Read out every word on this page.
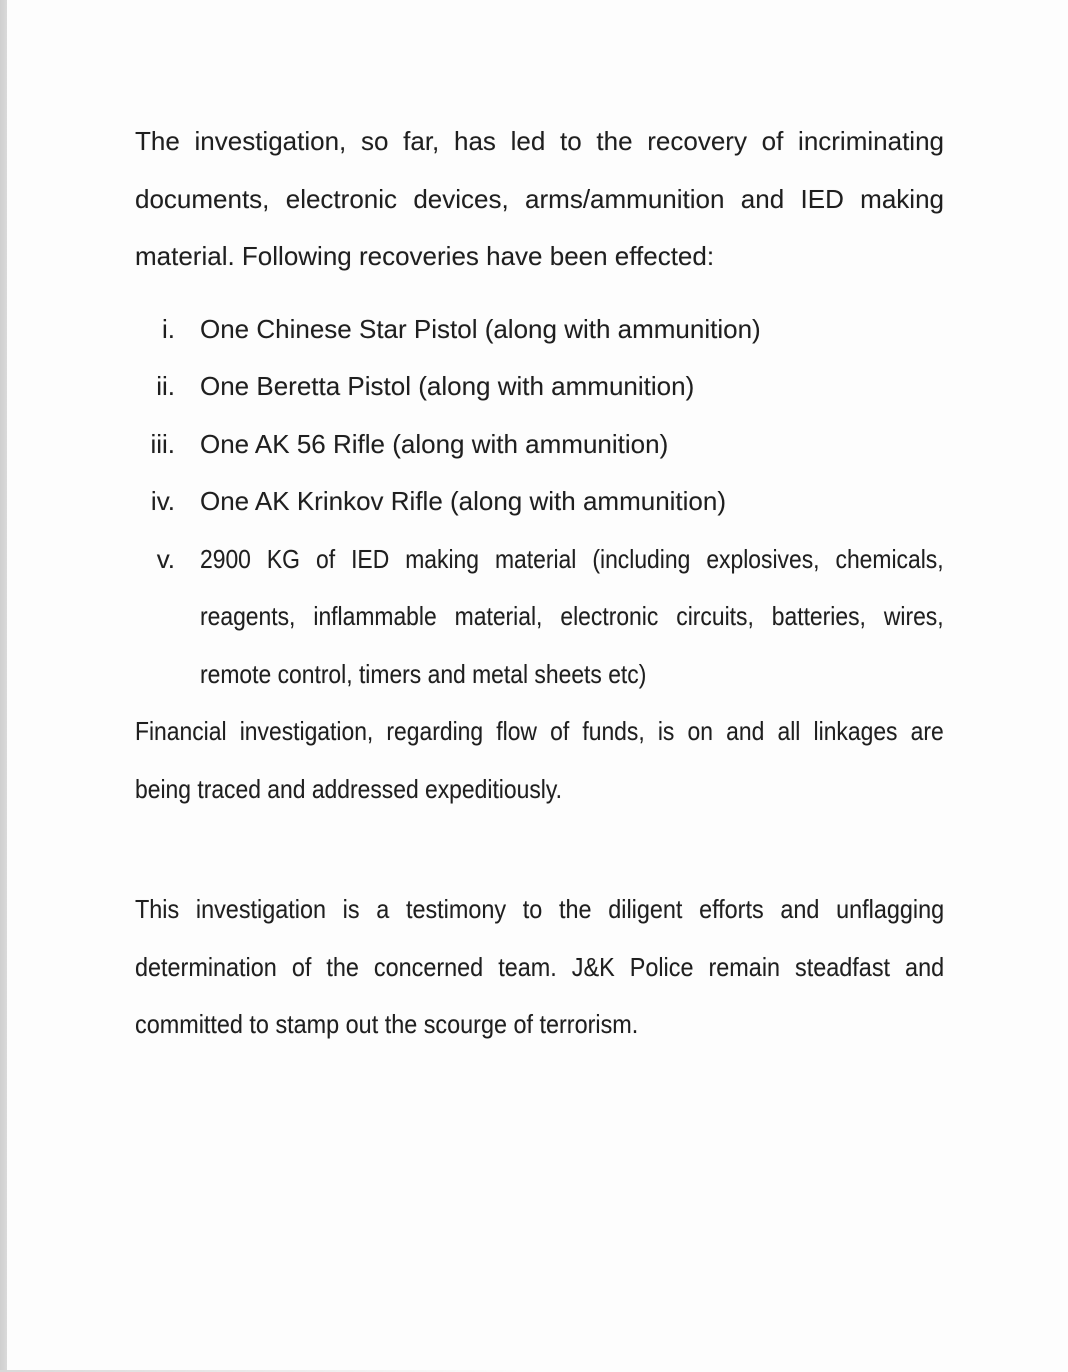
The investigation, so far, has led to the recovery of incriminating
documents, electronic devices, arms/ammunition and IED making
material. Following recoveries have been effected:
i. One Chinese Star Pistol (along with ammunition)
ii. One Beretta Pistol (along with ammunition)
iii. One AK 56 Rifle (along with ammunition)
iv. One AK Krinkov Rifle (along with ammunition)
v. 2900 KG of IED making material (including explosives, chemicals,
reagents, inflammable material, electronic circuits, batteries, wires,
remote control, timers and metal sheets etc)
Financial investigation, regarding flow of funds, is on and all linkages are
being traced and addressed expeditiously.
This investigation is a testimony to the diligent efforts and unflagging
determination of the concerned team. J&K Police remain steadfast and
committed to stamp out the scourge of terrorism.
